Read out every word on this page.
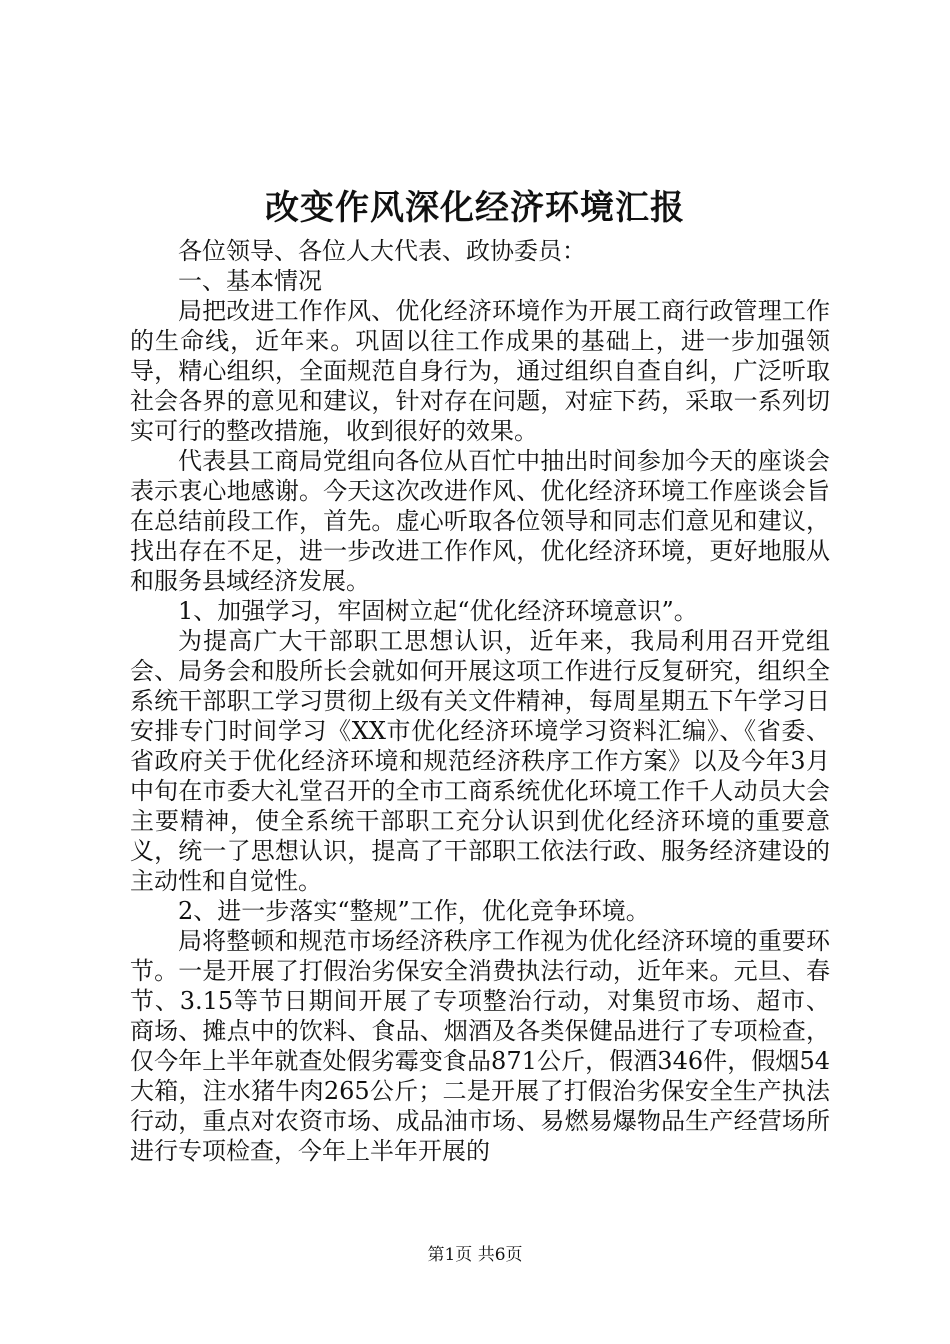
改变作风深化经济环境汇报

各位领导、各位人大代表、政协委员：

一、基本情况

局把改进工作作风、优化经济环境作为开展工商行政管理工作的生命线，近年来。巩固以往工作成果的基础上，进一步加强领导，精心组织，全面规范自身行为，通过组织自查自纠，广泛听取社会各界的意见和建议，针对存在问题，对症下药，采取一系列切实可行的整改措施，收到很好的效果。

代表县工商局党组向各位从百忙中抽出时间参加今天的座谈会表示衷心地感谢。今天这次改进作风、优化经济环境工作座谈会旨在总结前段工作，首先。虚心听取各位领导和同志们意见和建议，找出存在不足，进一步改进工作作风，优化经济环境，更好地服从和服务县域经济发展。

1、加强学习，牢固树立起“优化经济环境意识”。

为提高广大干部职工思想认识，近年来，我局利用召开党组会、局务会和股所长会就如何开展这项工作进行反复研究，组织全系统干部职工学习贯彻上级有关文件精神，每周星期五下午学习日安排专门时间学习《XX市优化经济环境学习资料汇编》、《省委、省政府关于优化经济环境和规范经济秩序工作方案》以及今年3月中旬在市委大礼堂召开的全市工商系统优化环境工作千人动员大会主要精神，使全系统干部职工充分认识到优化经济环境的重要意义，统一了思想认识，提高了干部职工依法行政、服务经济建设的主动性和自觉性。

2、进一步落实“整规”工作，优化竞争环境。

局将整顿和规范市场经济秩序工作视为优化经济环境的重要环节。一是开展了打假治劣保安全消费执法行动，近年来。元旦、春节、3.15等节日期间开展了专项整治行动，对集贸市场、超市、商场、摊点中的饮料、食品、烟酒及各类保健品进行了专项检查，仅今年上半年就查处假劣霉变食品871公斤，假酒346件，假烟54大箱，注水猪牛肉265公斤；二是开展了打假治劣保安全生产执法行动，重点对农资市场、成品油市场、易燃易爆物品生产经营场所进行专项检查，今年上半年开展的

第1页 共6页
